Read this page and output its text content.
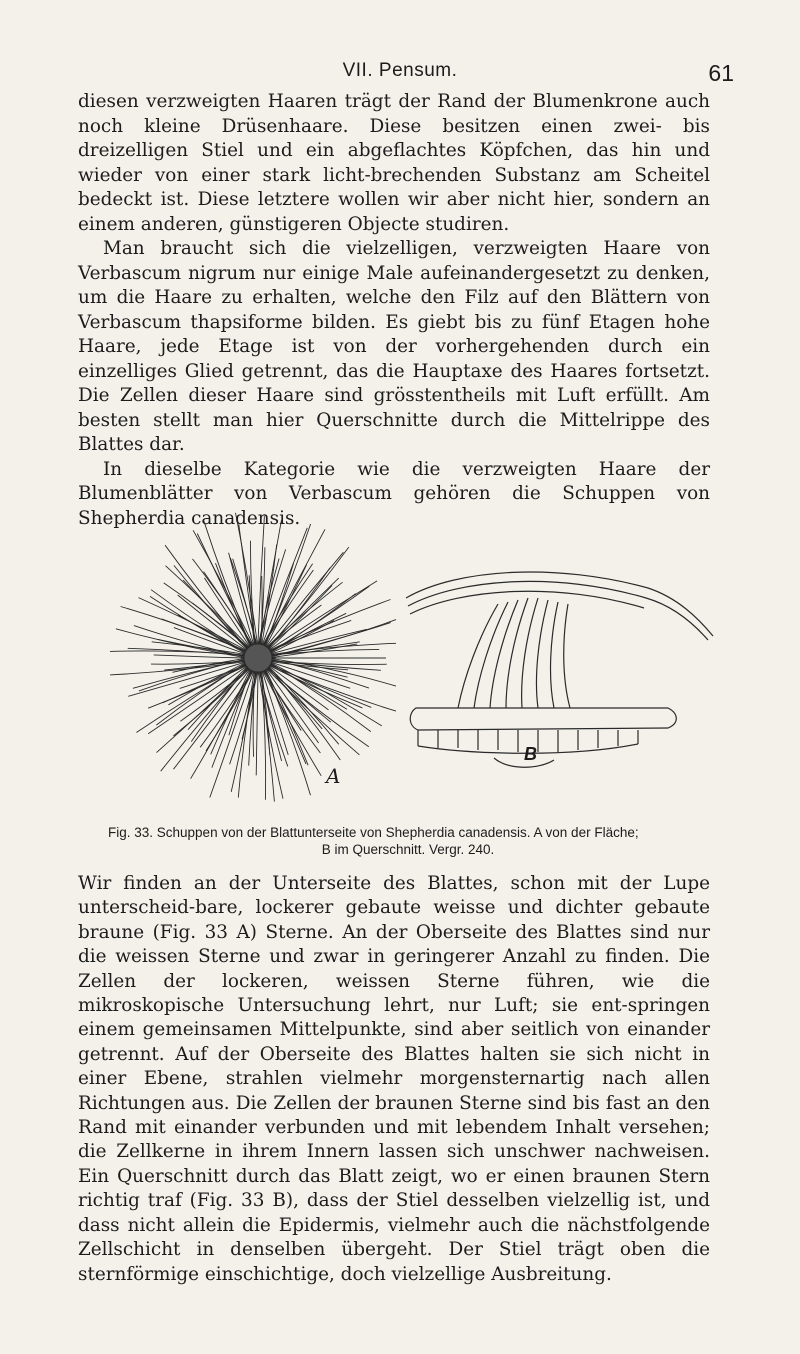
VII. Pensum.	61

diesen verzweigten Haaren trägt der Rand der Blumenkrone auch noch kleine Drüsenhaare. Diese besitzen einen zwei- bis dreizelligen Stiel und ein abgeflachtes Köpfchen, das hin und wieder von einer stark licht-brechenden Substanz am Scheitel bedeckt ist. Diese letztere wollen wir aber nicht hier, sondern an einem anderen, günstigeren Objecte studiren.

Man braucht sich die vielzelligen, verzweigten Haare von Verbascum nigrum nur einige Male aufeinandergesetzt zu denken, um die Haare zu erhalten, welche den Filz auf den Blättern von Verbascum thapsiforme bilden. Es giebt bis zu fünf Etagen hohe Haare, jede Etage ist von der vorhergehenden durch ein einzelliges Glied getrennt, das die Hauptaxe des Haares fortsetzt. Die Zellen dieser Haare sind grösstentheils mit Luft erfüllt. Am besten stellt man hier Querschnitte durch die Mittelrippe des Blattes dar.

In dieselbe Kategorie wie die verzweigten Haare der Blumenblätter von Verbascum gehören die Schuppen von Shepherdia canadensis.

A
B
Fig. 33. Schuppen von der Blattunterseite von Shepherdia canadensis. A von der Fläche;
B im Querschnitt. Vergr. 240.

Wir finden an der Unterseite des Blattes, schon mit der Lupe unterscheid-bare, lockerer gebaute weisse und dichter gebaute braune (Fig. 33 A) Sterne. An der Oberseite des Blattes sind nur die weissen Sterne und zwar in geringerer Anzahl zu finden. Die Zellen der lockeren, weissen Sterne führen, wie die mikroskopische Untersuchung lehrt, nur Luft; sie ent-springen einem gemeinsamen Mittelpunkte, sind aber seitlich von einander getrennt. Auf der Oberseite des Blattes halten sie sich nicht in einer Ebene, strahlen vielmehr morgensternartig nach allen Richtungen aus. Die Zellen der braunen Sterne sind bis fast an den Rand mit einander verbunden und mit lebendem Inhalt versehen; die Zellkerne in ihrem Innern lassen sich unschwer nachweisen. Ein Querschnitt durch das Blatt zeigt, wo er einen braunen Stern richtig traf (Fig. 33 B), dass der Stiel desselben vielzellig ist, und dass nicht allein die Epidermis, vielmehr auch die nächstfolgende Zellschicht in denselben übergeht. Der Stiel trägt oben die sternförmige einschichtige, doch vielzellige Ausbreitung.
